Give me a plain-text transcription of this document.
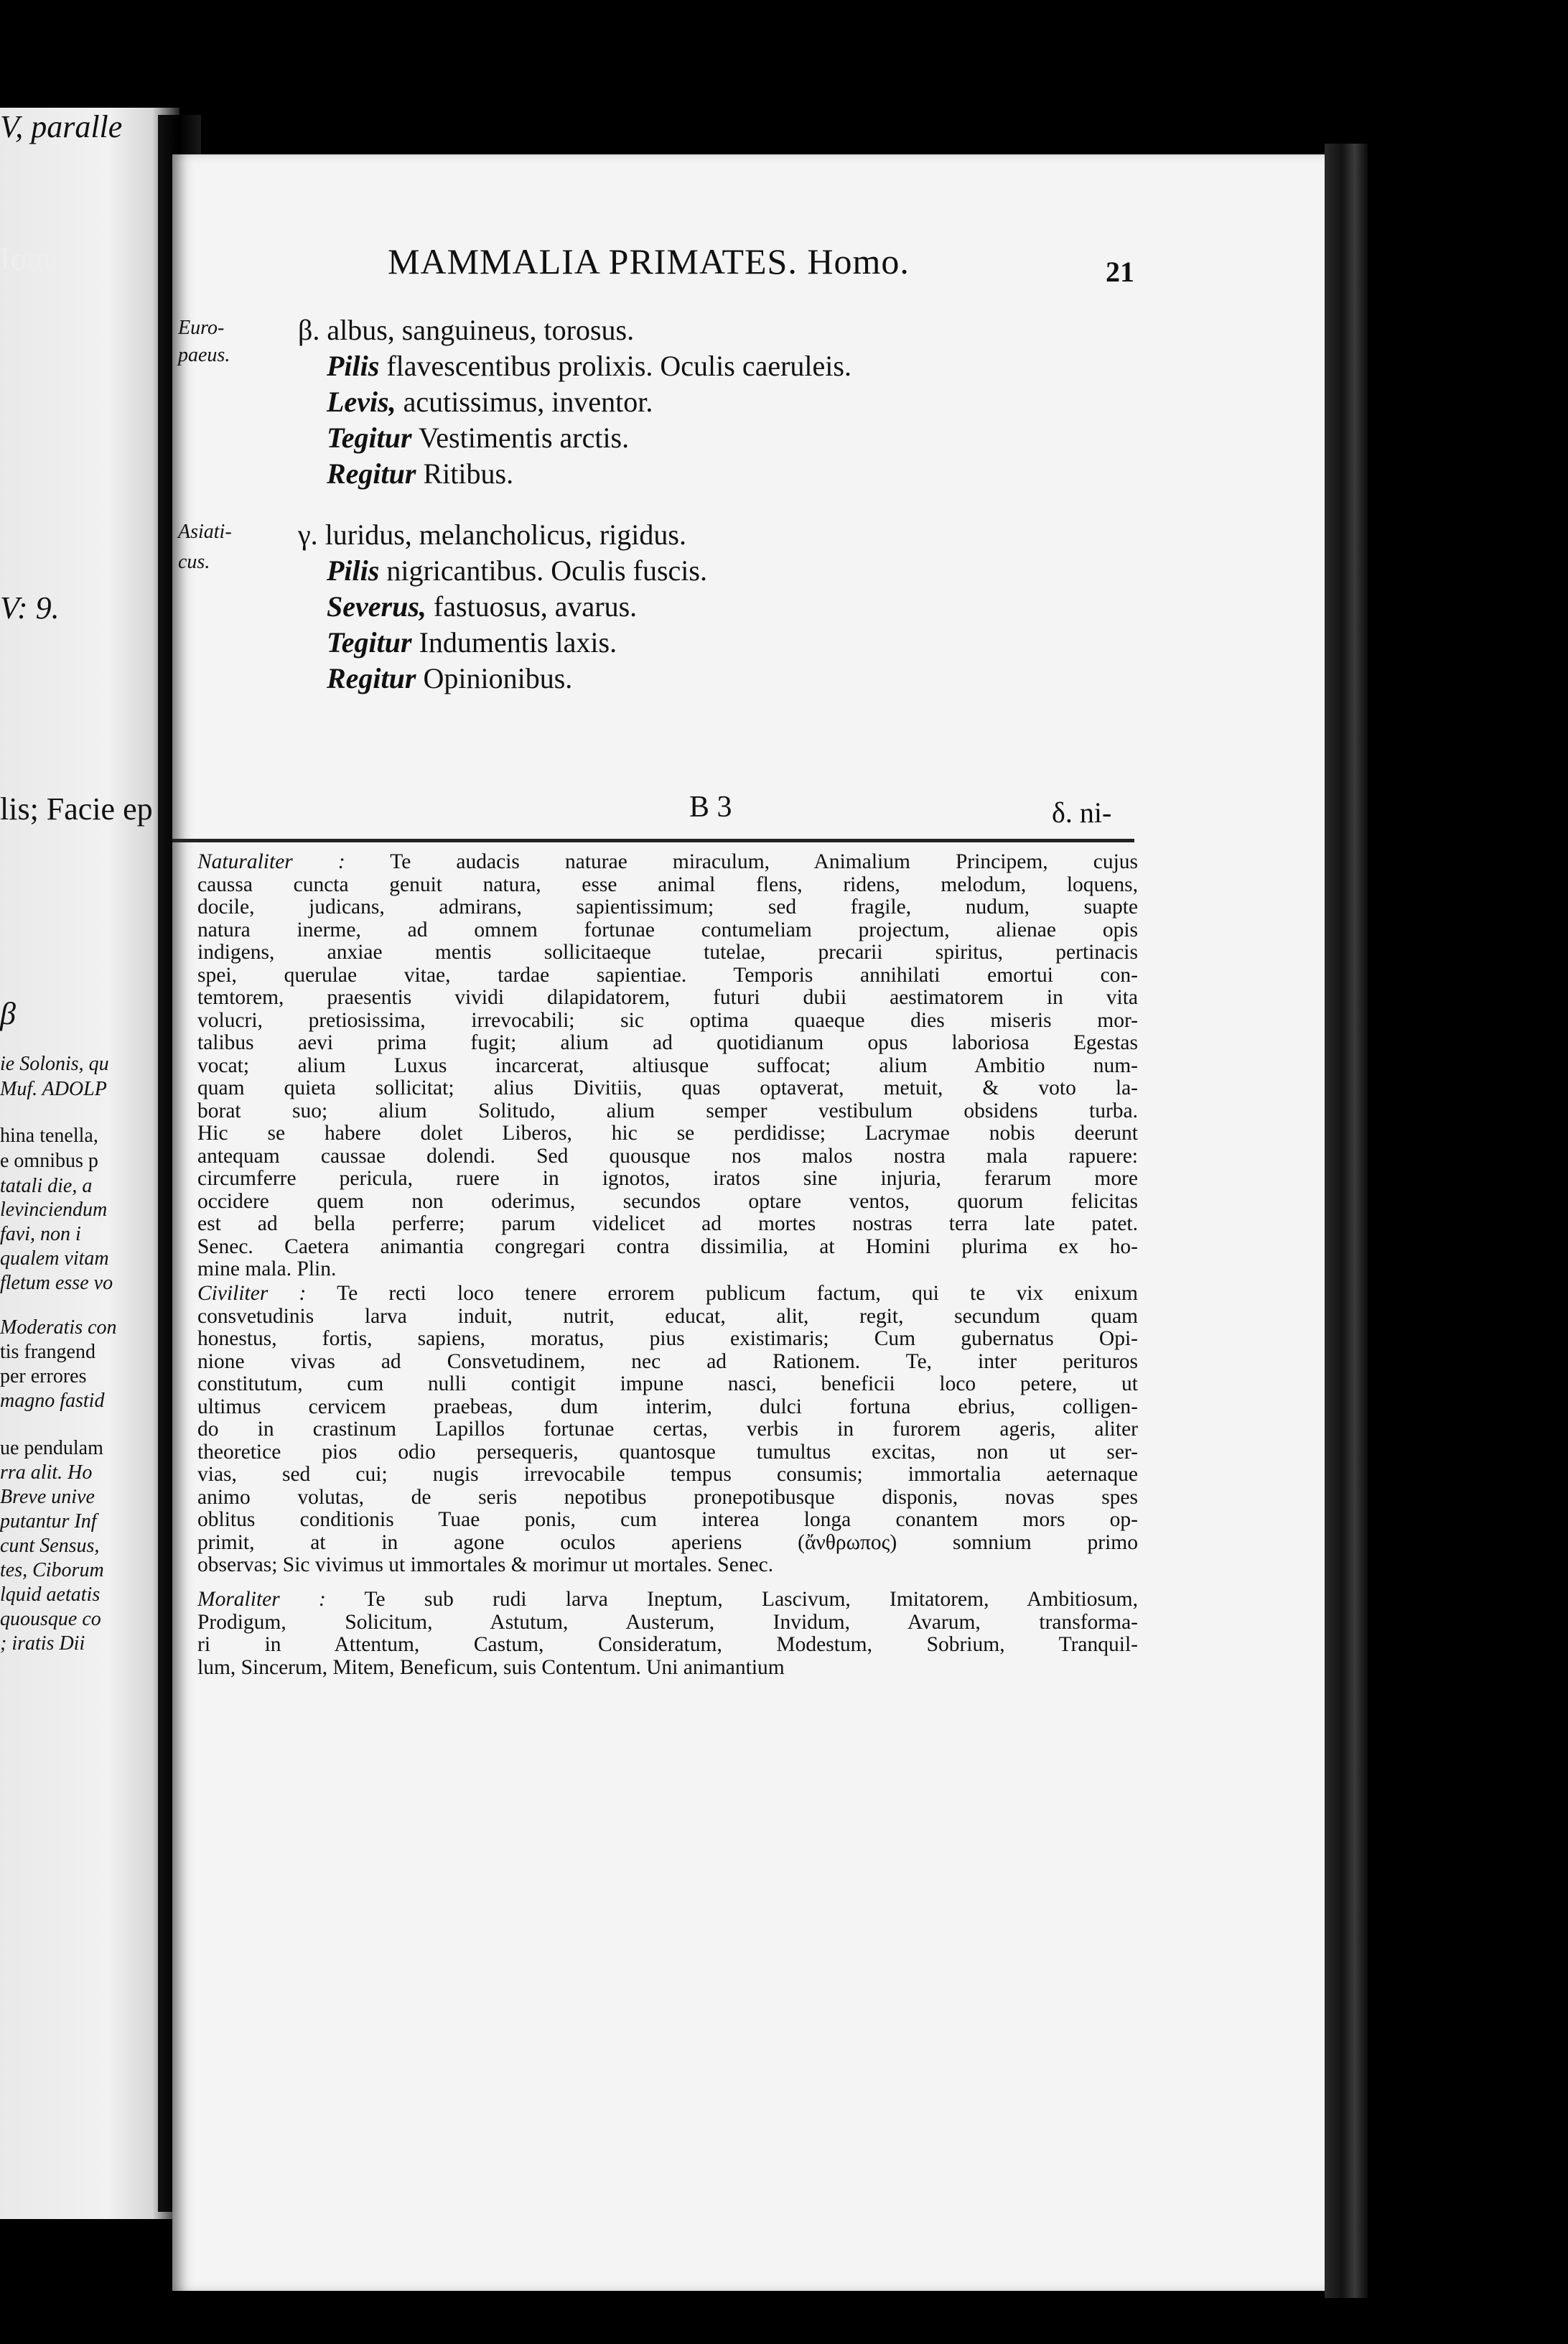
V, paralle
V: 9.
lis; Facie ep
β
ie Solonis, qu
Muf. ADOLP
hina tenella,
e omnibus p
tatali die, a
levinciendum
favi, non i
qualem vitam
fletum esse vo
Moderatis con
tis frangend
per errores
magno fastid
ue pendulam
rra alit. Ho
Breve unive
putantur Inf
cunt Sensus,
tes, Ciborum
lquid aetatis
quousque co
; iratis Dii
Iomo.	MAMMALIA PRIMATES. Homo.	21
Euro-
paeus.
Asiati-
cus.
β. albus, sanguineus, torosus.
Pilis flavescentibus prolixis. Oculis caeruleis.
Levis, acutissimus, inventor.
Tegitur Vestimentis arctis.
Regitur Ritibus.
γ. luridus, melancholicus, rigidus.
Pilis nigricantibus. Oculis fuscis.
Severus, fastuosus, avarus.
Tegitur Indumentis laxis.
Regitur Opinionibus.
B 3	δ. ni-
Naturaliter : Te audacis naturae miraculum, Animalium Principem, cujus
caussa cuncta genuit natura, esse animal flens, ridens, melodum, loquens,
docile, judicans, admirans, sapientissimum; sed fragile, nudum, suapte
natura inerme, ad omnem fortunae contumeliam projectum, alienae opis
indigens, anxiae mentis sollicitaeque tutelae, precarii spiritus, pertinacis
spei, querulae vitae, tardae sapientiae. Temporis annihilati emortui con-
temtorem, praesentis vividi dilapidatorem, futuri dubii aestimatorem in vita
volucri, pretiosissima, irrevocabili; sic optima quaeque dies miseris mor-
talibus aevi prima fugit; alium ad quotidianum opus laboriosa Egestas
vocat; alium Luxus incarcerat, altiusque suffocat; alium Ambitio num-
quam quieta sollicitat; alius Divitiis, quas optaverat, metuit, & voto la-
borat suo; alium Solitudo, alium semper vestibulum obsidens turba.
Hic se habere dolet Liberos, hic se perdidisse; Lacrymae nobis deerunt
antequam caussae dolendi. Sed quousque nos malos nostra mala rapuere:
circumferre pericula, ruere in ignotos, iratos sine injuria, ferarum more
occidere quem non oderimus, secundos optare ventos, quorum felicitas
est ad bella perferre; parum videlicet ad mortes nostras terra late patet.
Senec. Caetera animantia congregari contra dissimilia, at Homini plurima ex ho-
mine mala. Plin.
Civiliter : Te recti loco tenere errorem publicum factum, qui te vix enixum
consvetudinis larva induit, nutrit, educat, alit, regit, secundum quam
honestus, fortis, sapiens, moratus, pius existimaris; Cum gubernatus Opi-
nione vivas ad Consvetudinem, nec ad Rationem. Te, inter perituros
constitutum, cum nulli contigit impune nasci, beneficii loco petere, ut
ultimus cervicem praebeas, dum interim, dulci fortuna ebrius, colligen-
do in crastinum Lapillos fortunae certas, verbis in furorem ageris, aliter
theoretice pios odio persequeris, quantosque tumultus excitas, non ut ser-
vias, sed cui; nugis irrevocabile tempus consumis; immortalia aeternaque
animo volutas, de seris nepotibus pronepotibusque disponis, novas spes
oblitus conditionis Tuae ponis, cum interea longa conantem mors op-
primit, at in agone oculos aperiens (ἄνθρωπος) somnium primo
observas; Sic vivimus ut immortales & morimur ut mortales. Senec.
Moraliter : Te sub rudi larva Ineptum, Lascivum, Imitatorem, Ambitiosum,
Prodigum, Solicitum, Astutum, Austerum, Invidum, Avarum, transforma-
ri in Attentum, Castum, Consideratum, Modestum, Sobrium, Tranquil-
lum, Sincerum, Mitem, Beneficum, suis Contentum. Uni animantium
